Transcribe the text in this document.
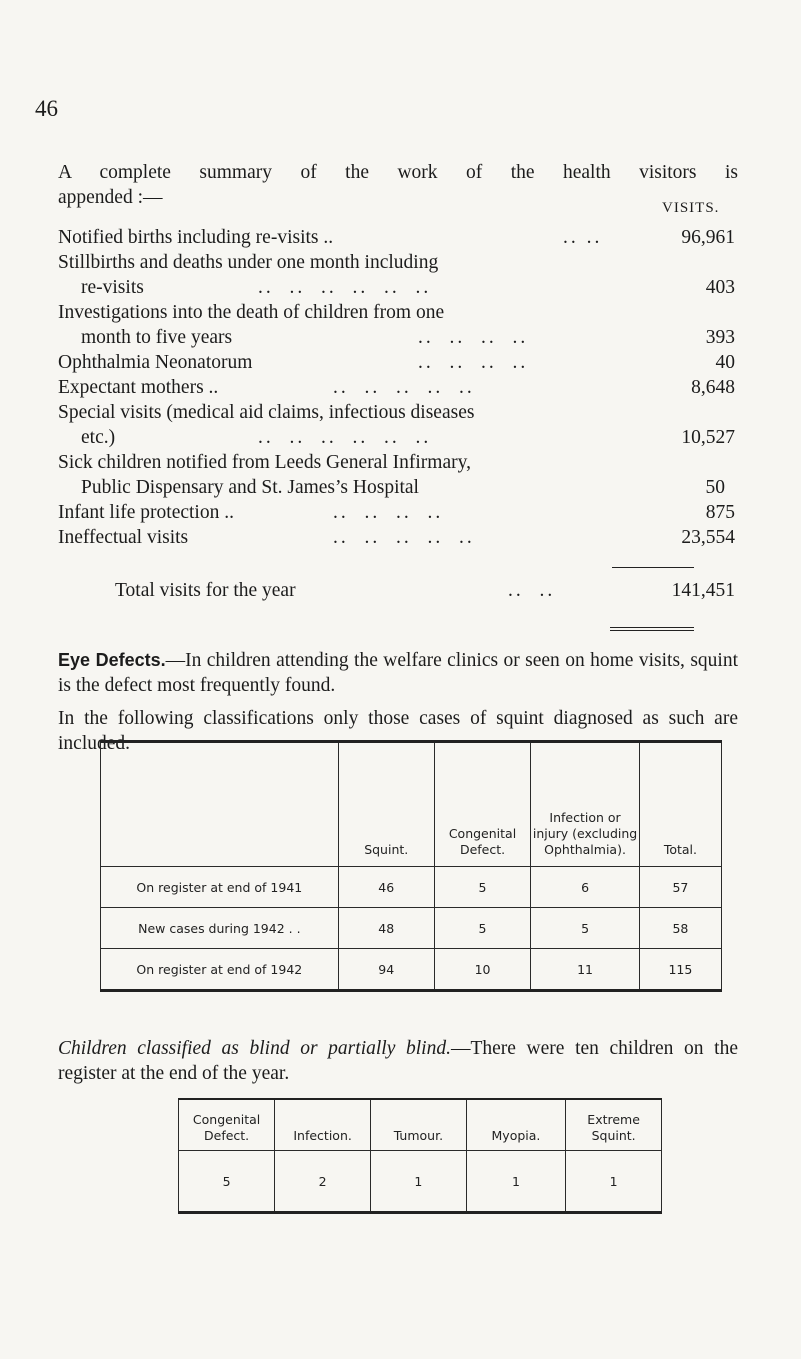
46
A complete summary of the work of the health visitors is
appended :—	VISITS.
Notified births including re-visits ..	.. ..	96,961
Stillbirths and deaths under one month including
re-visits	..  ..  ..  ..  ..  ..	403
Investigations into the death of children from one
month to five years	..  ..  ..  ..	393
Ophthalmia Neonatorum	..  ..  ..  ..	40
Expectant mothers ..	..  ..  ..  ..  ..	8,648
Special visits (medical aid claims, infectious diseases
etc.)	..  ..  ..  ..  ..  ..	10,527
Sick children notified from Leeds General Infirmary,
Public Dispensary and St. James’s Hospital	50
Infant life protection ..	..  ..  ..  ..	875
Ineffectual visits	..  ..  ..  ..  ..	23,554
Total visits for the year	..  ..	141,451
Eye Defects.—In children attending the welfare clinics or seen on home visits, squint is the defect most frequently found.
In the following classifications only those cases of squint diagnosed as such are included.
	Squint.	Congenital Defect.	Infection or injury (excluding Ophthalmia).	Total.
On register at end of 1941	46	5	6	57
New cases during 1942 . .	48	5	5	58
On register at end of 1942	94	10	11	115
Children classified as blind or partially blind.—There were ten children on the register at the end of the year.
Congenital Defect.	Infection.	Tumour.	Myopia.	Extreme Squint.
5	2	1	1	1
